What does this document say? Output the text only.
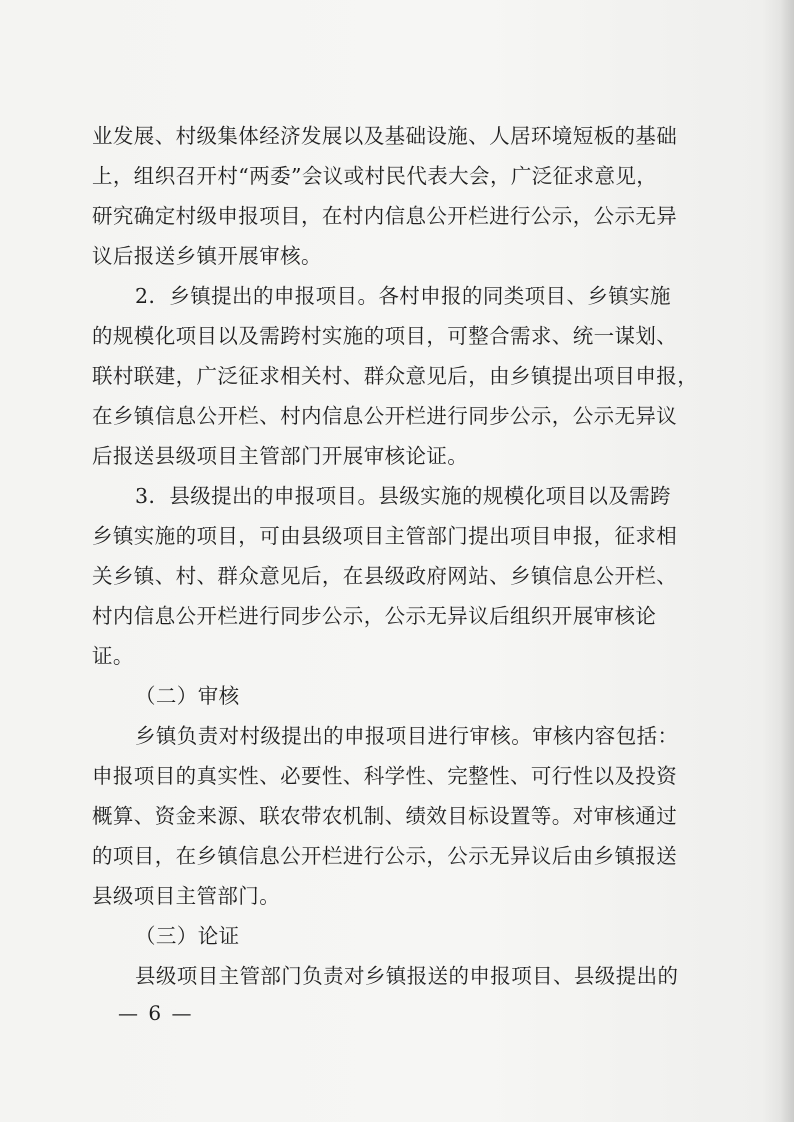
业发展、村级集体经济发展以及基础设施、人居环境短板的基础
上，组织召开村“两委”会议或村民代表大会，广泛征求意见，
研究确定村级申报项目，在村内信息公开栏进行公示，公示无异
议后报送乡镇开展审核。
2．乡镇提出的申报项目。各村申报的同类项目、乡镇实施
的规模化项目以及需跨村实施的项目，可整合需求、统一谋划、
联村联建，广泛征求相关村、群众意见后，由乡镇提出项目申报，
在乡镇信息公开栏、村内信息公开栏进行同步公示，公示无异议
后报送县级项目主管部门开展审核论证。
3．县级提出的申报项目。县级实施的规模化项目以及需跨
乡镇实施的项目，可由县级项目主管部门提出项目申报，征求相
关乡镇、村、群众意见后，在县级政府网站、乡镇信息公开栏、
村内信息公开栏进行同步公示，公示无异议后组织开展审核论
证。
（二）审核
乡镇负责对村级提出的申报项目进行审核。审核内容包括：
申报项目的真实性、必要性、科学性、完整性、可行性以及投资
概算、资金来源、联农带农机制、绩效目标设置等。对审核通过
的项目，在乡镇信息公开栏进行公示，公示无异议后由乡镇报送
县级项目主管部门。
（三）论证
县级项目主管部门负责对乡镇报送的申报项目、县级提出的
— 6 —
